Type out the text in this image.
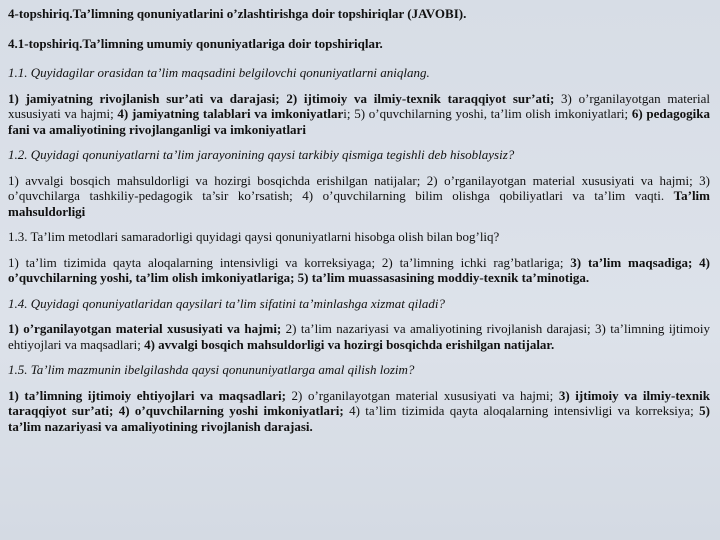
4-topshiriq.Ta’limning qonuniyatlarini o’zlashtirishga doir topshiriqlar (JAVOBI).

4.1-topshiriq.Ta’limning umumiy qonuniyatlariga doir topshiriqlar.

1.1. Quyidagilar orasidan ta’lim maqsadini belgilovchi qonuniyatlarni aniqlang.

1) jamiyatning rivojlanish sur’ati va darajasi; 2) ijtimoiy va ilmiy-texnik taraqqiyot sur’ati; 3) o’rganilayotgan material xususiyati va hajmi; 4) jamiyatning talablari va imkoniyatlari; 5) o’quvchilarning yoshi, ta’lim olish imkoniyatlari; 6) pedagogika fani va amaliyotining rivojlanganligi va imkoniyatlari

1.2. Quyidagi qonuniyatlarni ta’lim jarayonining qaysi tarkibiy qismiga tegishli deb hisoblaysiz?

1) avvalgi bosqich mahsuldorligi va hozirgi bosqichda erishilgan natijalar; 2) o’rganilayotgan material xususiyati va hajmi; 3) o’quvchilarga tashkiliy-pedagogik ta’sir ko’rsatish; 4) o’quvchilarning bilim olishga qobiliyatlari va ta’lim vaqti. Ta’lim mahsuldorligi

1.3. Ta’lim metodlari samaradorligi quyidagi qaysi qonuniyatlarni hisobga olish bilan bog’liq?

1) ta’lim tizimida qayta aloqalarning intensivligi va korreksiyaga; 2) ta’limning ichki rag’batlariga; 3) ta’lim maqsadiga; 4) o’quvchilarning yoshi, ta’lim olish imkoniyatlariga; 5) ta’lim muassasasining moddiy-texnik ta’minotiga.

1.4. Quyidagi qonuniyatlaridan qaysilari ta’lim sifatini ta’minlashga xizmat qiladi?

1) o’rganilayotgan material xususiyati va hajmi; 2) ta’lim nazariyasi va amaliyotining rivojlanish darajasi; 3) ta’limning ijtimoiy ehtiyojlari va maqsadlari; 4) avvalgi bosqich mahsuldorligi va hozirgi bosqichda erishilgan natijalar.

1.5. Ta’lim mazmunin ibelgilashda qaysi qonununiyatlarga amal qilish lozim?

1) ta’limning ijtimoiy ehtiyojlari va maqsadlari; 2) o’rganilayotgan material xususiyati va hajmi; 3) ijtimoiy va ilmiy-texnik taraqqiyot sur’ati; 4) o’quvchilarning yoshi imkoniyatlari; 4) ta’lim tizimida qayta aloqalarning intensivligi va korreksiya; 5) ta’lim nazariyasi va amaliyotining rivojlanish darajasi.
